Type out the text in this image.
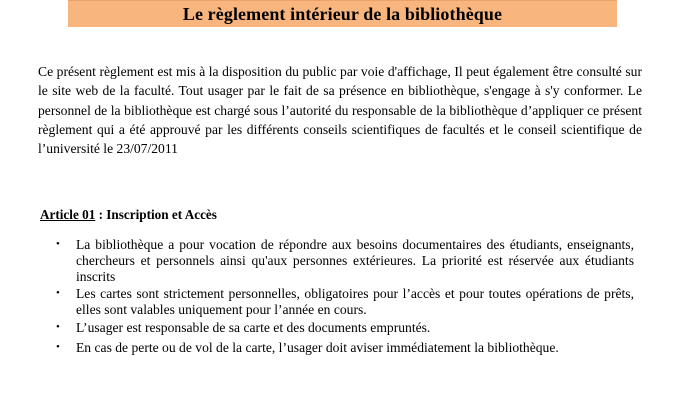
Le règlement intérieur de la bibliothèque

Ce présent règlement est mis à la disposition du public par voie d'affichage, Il peut également être consulté sur le site web de la faculté. Tout usager par le fait de sa présence en bibliothèque, s'engage à s'y conformer. Le personnel de la bibliothèque est chargé sous l’autorité du responsable de la bibliothèque d’appliquer ce présent règlement qui a été approuvé par les différents conseils scientifiques de facultés et le conseil scientifique de l’université le 23/07/2011

Article 01 : Inscription et Accès
• La bibliothèque a pour vocation de répondre aux besoins documentaires des étudiants, enseignants, chercheurs et personnels ainsi qu'aux personnes extérieures. La priorité est réservée aux étudiants inscrits
• Les cartes sont strictement personnelles, obligatoires pour l’accès et pour toutes opérations de prêts, elles sont valables uniquement pour l’année en cours.
• L’usager est responsable de sa carte et des documents empruntés.
• En cas de perte ou de vol de la carte, l’usager doit aviser immédiatement la bibliothèque.
